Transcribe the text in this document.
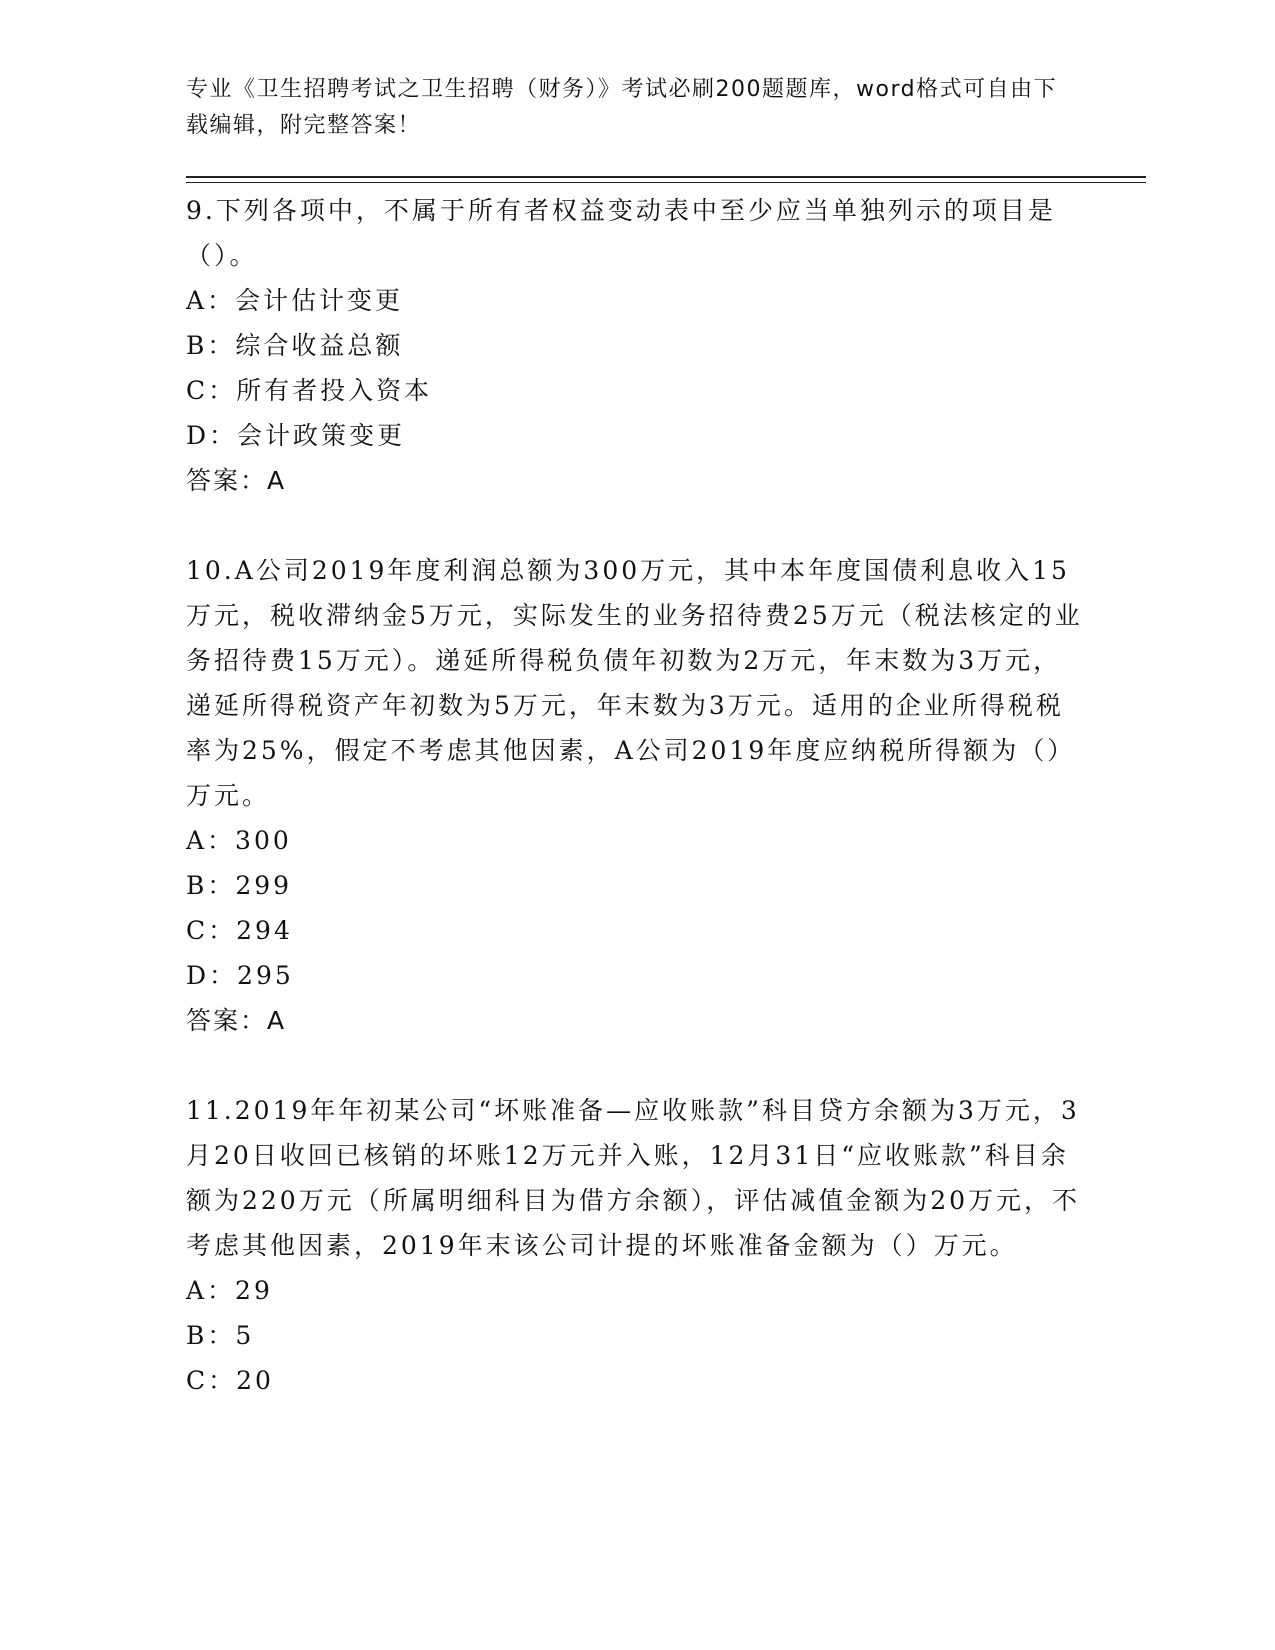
专业《卫生招聘考试之卫生招聘（财务）》考试必刷200题题库，word格式可自由下载编辑，附完整答案！
9.下列各项中，不属于所有者权益变动表中至少应当单独列示的项目是（）。
A：会计估计变更
B：综合收益总额
C：所有者投入资本
D：会计政策变更
答案：A
10.A公司2019年度利润总额为300万元，其中本年度国债利息收入15万元，税收滞纳金5万元，实际发生的业务招待费25万元（税法核定的业务招待费15万元）。递延所得税负债年初数为2万元，年末数为3万元，递延所得税资产年初数为5万元，年末数为3万元。适用的企业所得税税率为25%，假定不考虑其他因素，A公司2019年度应纳税所得额为（）万元。
A：300
B：299
C：294
D：295
答案：A
11.2019年年初某公司“坏账准备—应收账款”科目贷方余额为3万元，3月20日收回已核销的坏账12万元并入账，12月31日“应收账款”科目余额为220万元（所属明细科目为借方余额），评估减值金额为20万元，不考虑其他因素，2019年末该公司计提的坏账准备金额为（）万元。
A：29
B：5
C：20
